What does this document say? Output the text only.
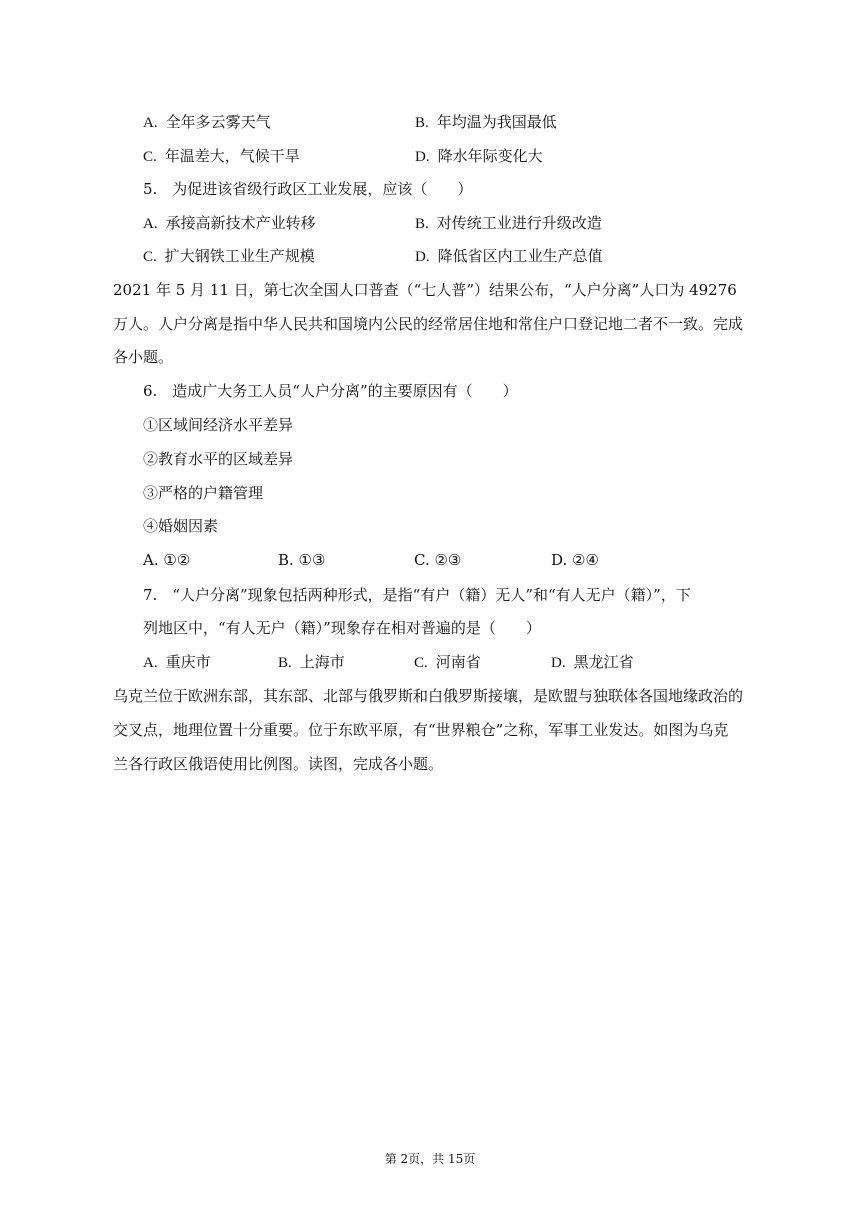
A. 全年多云雾天气	B. 年均温为我国最低
C. 年温差大，气候干旱	D. 降水年际变化大
5.　为促进该省级行政区工业发展，应该（　　）
A. 承接高新技术产业转移	B. 对传统工业进行升级改造
C. 扩大钢铁工业生产规模	D. 降低省区内工业生产总值
2021 年 5 月 11 日，第七次全国人口普查（“七人普”）结果公布，“人户分离”人口为 49276
万人。人户分离是指中华人民共和国境内公民的经常居住地和常住户口登记地二者不一致。完成
各小题。
6.　造成广大务工人员“人户分离”的主要原因有（　　）
①区域间经济水平差异
②教育水平的区域差异
③严格的户籍管理
④婚姻因素
A. ①②	B. ①③	C. ②③	D. ②④
7.　“人户分离”现象包括两种形式，是指“有户（籍）无人”和“有人无户（籍）”，下
列地区中，“有人无户（籍）”现象存在相对普遍的是（　　）
A. 重庆市	B. 上海市	C. 河南省	D. 黑龙江省
乌克兰位于欧洲东部，其东部、北部与俄罗斯和白俄罗斯接壤，是欧盟与独联体各国地缘政治的
交叉点，地理位置十分重要。位于东欧平原，有“世界粮仓”之称，军事工业发达。如图为乌克
兰各行政区俄语使用比例图。读图，完成各小题。
第 2页，共 15页
